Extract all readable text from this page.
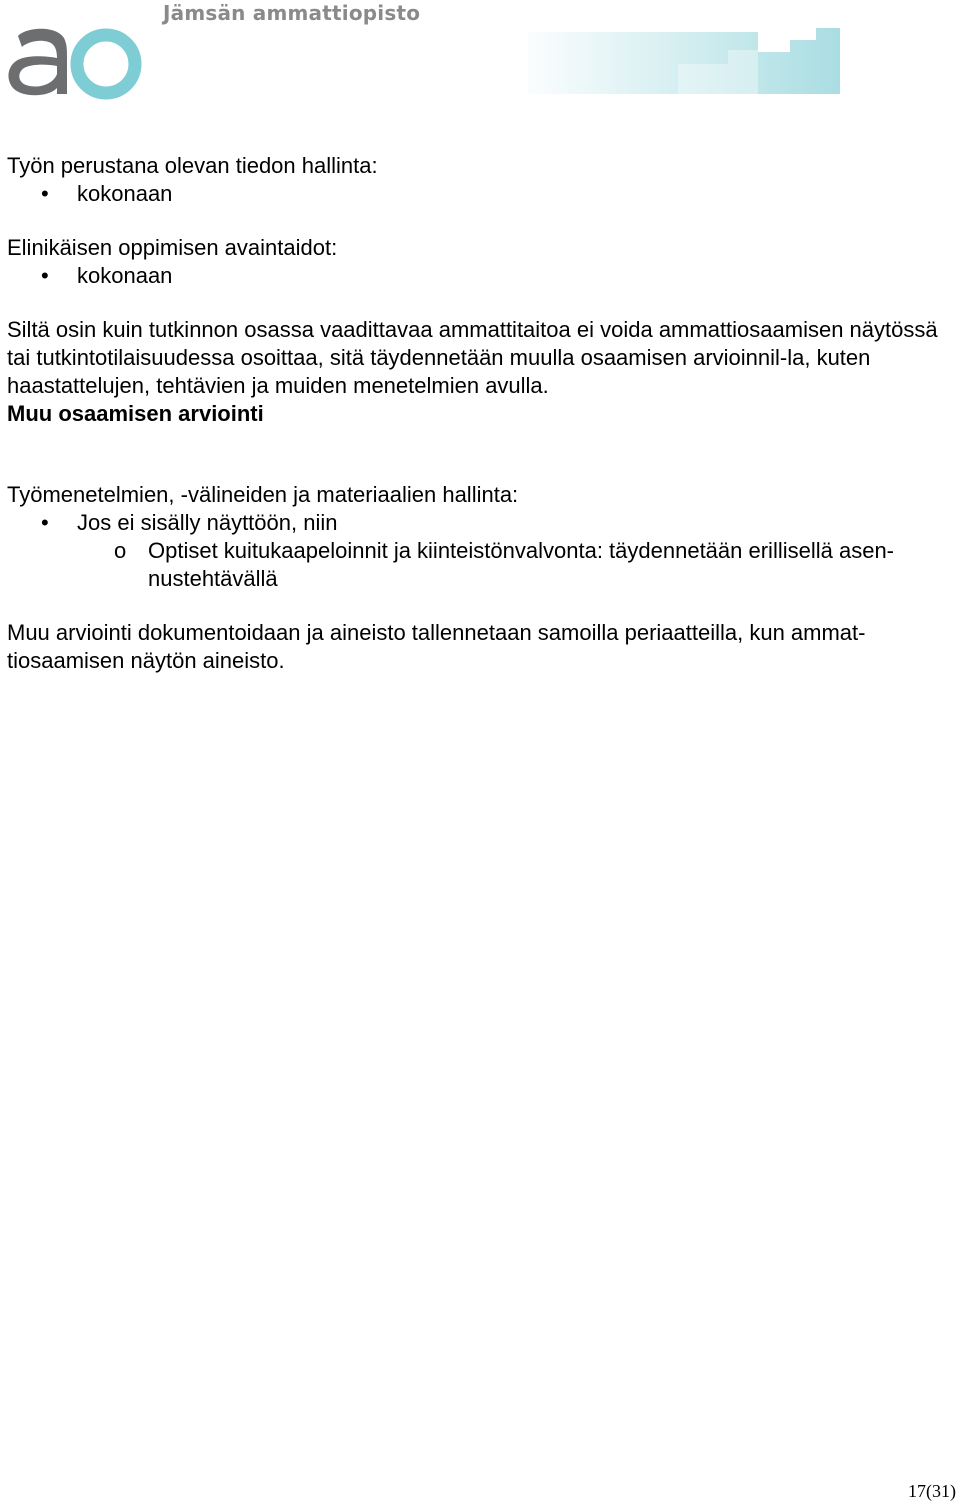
Jämsän ammattiopisto

Työn perustana olevan tiedon hallinta:

• kokonaan

Elinikäisen oppimisen avaintaidot:

• kokonaan

Siltä osin kuin tutkinnon osassa vaadittavaa ammattitaitoa ei voida ammattiosaamisen näytössä tai tutkintotilaisuudessa osoittaa, sitä täydennetään muulla osaamisen arvioinnil-la, kuten haastattelujen, tehtävien ja muiden menetelmien avulla.

Muu osaamisen arviointi

Työmenetelmien, -välineiden ja materiaalien hallinta:

• Jos ei sisälly näyttöön, niin

o Optiset kuitukaapeloinnit ja kiinteistönvalvonta: täydennetään erillisellä asen-nustehtävällä

Muu arviointi dokumentoidaan ja aineisto tallennetaan samoilla periaatteilla, kun ammat-tiosaamisen näytön aineisto.

17(31)
